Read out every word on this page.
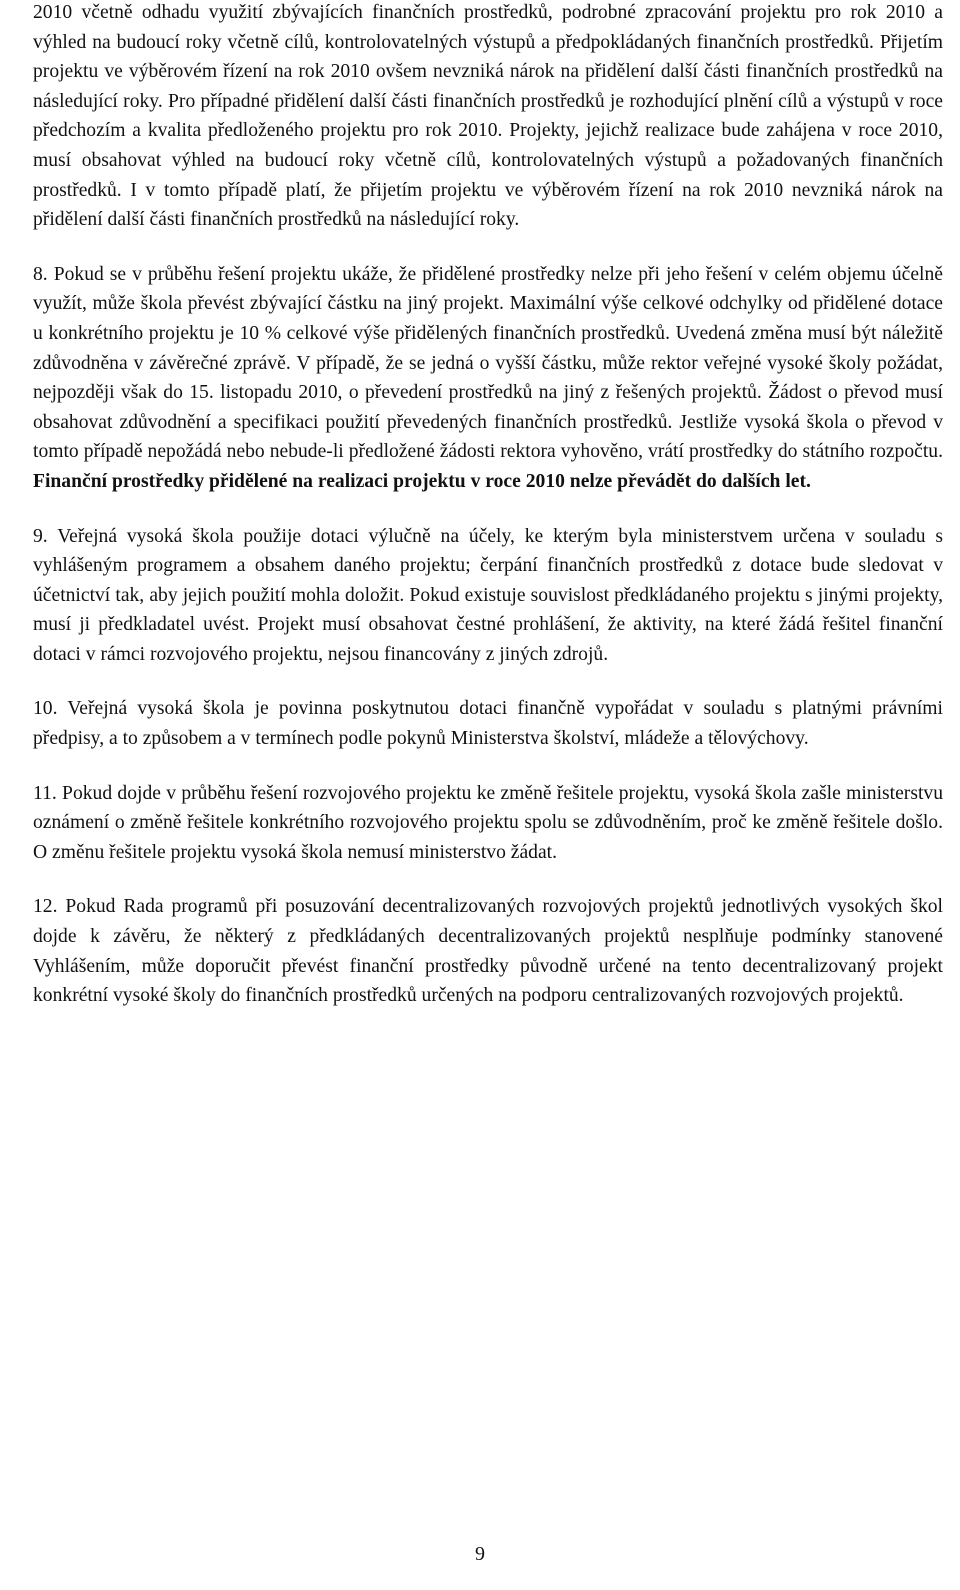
2010 včetně odhadu využití zbývajících finančních prostředků, podrobné zpracování projektu pro rok 2010 a výhled na budoucí roky včetně cílů, kontrolovatelných výstupů a předpokládaných finančních prostředků. Přijetím projektu ve výběrovém řízení na rok 2010 ovšem nevzniká nárok na přidělení další části finančních prostředků na následující roky. Pro případné přidělení další části finančních prostředků je rozhodující plnění cílů a výstupů v roce předchozím a kvalita předloženého projektu pro rok 2010. Projekty, jejichž realizace bude zahájena v roce 2010, musí obsahovat výhled na budoucí roky včetně cílů, kontrolovatelných výstupů a požadovaných finančních prostředků. I v tomto případě platí, že přijetím projektu ve výběrovém řízení na rok 2010 nevzniká nárok na přidělení další části finančních prostředků na následující roky.

8. Pokud se v průběhu řešení projektu ukáže, že přidělené prostředky nelze při jeho řešení v celém objemu účelně využít, může škola převést zbývající částku na jiný projekt. Maximální výše celkové odchylky od přidělené dotace u konkrétního projektu je 10 % celkové výše přidělených finančních prostředků. Uvedená změna musí být náležitě zdůvodněna v závěrečné zprávě. V případě, že se jedná o vyšší částku, může rektor veřejné vysoké školy požádat, nejpozději však do 15. listopadu 2010, o převedení prostředků na jiný z řešených projektů. Žádost o převod musí obsahovat zdůvodnění a specifikaci použití převedených finančních prostředků. Jestliže vysoká škola o převod v tomto případě nepožádá nebo nebude-li předložené žádosti rektora vyhověno, vrátí prostředky do státního rozpočtu. Finanční prostředky přidělené na realizaci projektu v roce 2010 nelze převádět do dalších let.

9. Veřejná vysoká škola použije dotaci výlučně na účely, ke kterým byla ministerstvem určena v souladu s vyhlášeným programem a obsahem daného projektu; čerpání finančních prostředků z dotace bude sledovat v účetnictví tak, aby jejich použití mohla doložit. Pokud existuje souvislost předkládaného projektu s jinými projekty, musí ji předkladatel uvést. Projekt musí obsahovat čestné prohlášení, že aktivity, na které žádá řešitel finanční dotaci v rámci rozvojového projektu, nejsou financovány z jiných zdrojů.

10. Veřejná vysoká škola je povinna poskytnutou dotaci finančně vypořádat v souladu s platnými právními předpisy, a to způsobem a v termínech podle pokynů Ministerstva školství, mládeže a tělovýchovy.

11. Pokud dojde v průběhu řešení rozvojového projektu ke změně řešitele projektu, vysoká škola zašle ministerstvu oznámení o změně řešitele konkrétního rozvojového projektu spolu se zdůvodněním, proč ke změně řešitele došlo. O změnu řešitele projektu vysoká škola nemusí ministerstvo žádat.

12. Pokud Rada programů při posuzování decentralizovaných rozvojových projektů jednotlivých vysokých škol dojde k závěru, že některý z předkládaných decentralizovaných projektů nesplňuje podmínky stanovené Vyhlášením, může doporučit převést finanční prostředky původně určené na tento decentralizovaný projekt konkrétní vysoké školy do finančních prostředků určených na podporu centralizovaných rozvojových projektů.

9
